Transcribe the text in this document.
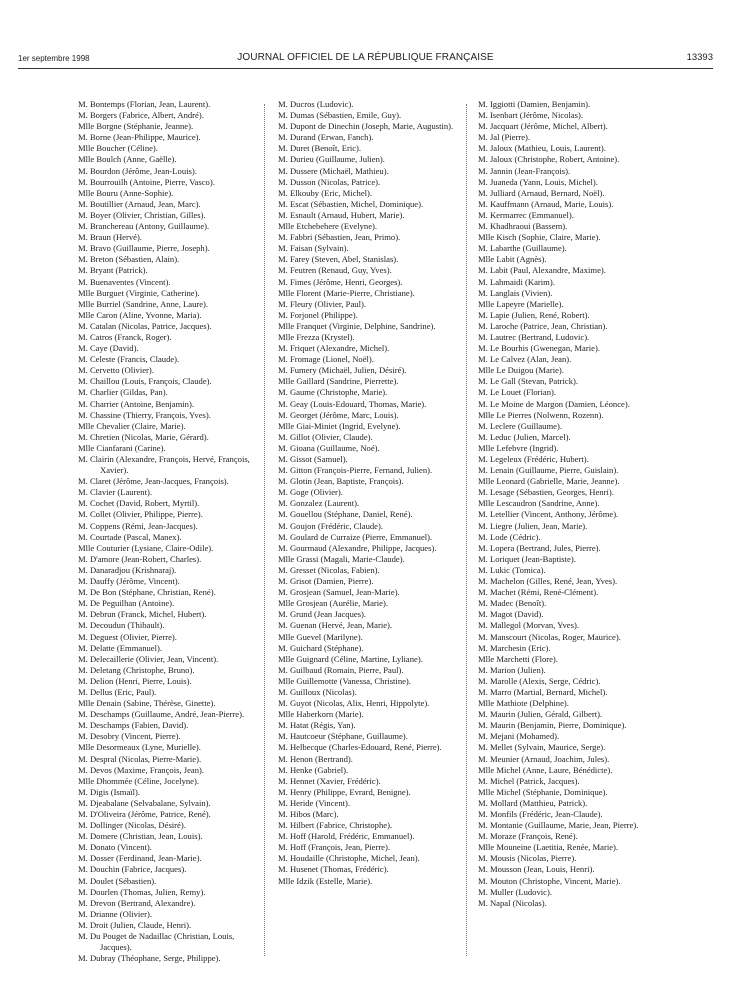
1er septembre 1998	JOURNAL OFFICIEL DE LA RÉPUBLIQUE FRANÇAISE	13393
M. Bontemps (Florian, Jean, Laurent).
M. Borgers (Fabrice, Albert, André).
Mlle Borgne (Stéphanie, Jeanne).
M. Borne (Jean-Philippe, Maurice).
Mlle Boucher (Céline).
Mlle Boulch (Anne, Gaëlle).
M. Bourdon (Jérôme, Jean-Louis).
M. Bourrouilh (Antoine, Pierre, Vasco).
Mlle Bouru (Anne-Sophie).
M. Boutillier (Arnaud, Jean, Marc).
M. Boyer (Olivier, Christian, Gilles).
M. Branchereau (Antony, Guillaume).
M. Braun (Hervé).
M. Bravo (Guillaume, Pierre, Joseph).
M. Breton (Sébastien, Alain).
M. Bryant (Patrick).
M. Buenaventes (Vincent).
Mlle Burguet (Virginie, Catherine).
Mlle Burriel (Sandrine, Anne, Laure).
Mlle Caron (Aline, Yvonne, Maria).
M. Catalan (Nicolas, Patrice, Jacques).
M. Catros (Franck, Roger).
M. Caye (David).
M. Celeste (Francis, Claude).
M. Cervetto (Olivier).
M. Chaillou (Louis, François, Claude).
M. Charlier (Gildas, Pan).
M. Charrier (Antoine, Benjamin).
M. Chassine (Thierry, François, Yves).
Mlle Chevalier (Claire, Marie).
M. Chretien (Nicolas, Marie, Gérard).
Mlle Cianfarani (Carine).
M. Clairin (Alexandre, François, Hervé, François, Xavier).
M. Claret (Jérôme, Jean-Jacques, François).
M. Clavier (Laurent).
M. Cochet (David, Robert, Myrtil).
M. Collet (Olivier, Philippe, Pierre).
M. Coppens (Rémi, Jean-Jacques).
M. Courtade (Pascal, Manex).
Mlle Couturier (Lysiane, Claire-Odile).
M. D'amore (Jean-Robert, Charles).
M. Danaradjou (Krishnaraj).
M. Dauffy (Jérôme, Vincent).
M. De Bon (Stéphane, Christian, René).
M. De Peguilhan (Antoine).
M. Debrun (Franck, Michel, Hubert).
M. Decoudun (Thibault).
M. Deguest (Olivier, Pierre).
M. Delatte (Emmanuel).
M. Delecaillerie (Olivier, Jean, Vincent).
M. Deletang (Christophe, Bruno).
M. Delion (Henri, Pierre, Louis).
M. Dellus (Eric, Paul).
Mlle Denain (Sabine, Thérèse, Ginette).
M. Deschamps (Guillaume, André, Jean-Pierre).
M. Deschamps (Fabien, David).
M. Desobry (Vincent, Pierre).
Mlle Desormeaux (Lyne, Murielle).
M. Despral (Nicolas, Pierre-Marie).
M. Devos (Maxime, François, Jean).
Mlle Dhommée (Céline, Jocelyne).
M. Digis (Ismaïl).
M. Djeabalane (Selvabalane, Sylvain).
M. D'Oliveira (Jérôme, Patrice, René).
M. Dollinger (Nicolas, Désiré).
M. Domere (Christian, Jean, Louis).
M. Donato (Vincent).
M. Dosser (Ferdinand, Jean-Marie).
M. Douchin (Fabrice, Jacques).
M. Doulet (Sébastien).
M. Dourlen (Thomas, Julien, Remy).
M. Drevon (Bertrand, Alexandre).
M. Drianne (Olivier).
M. Droit (Julien, Claude, Henri).
M. Du Pouget de Nadaillac (Christian, Louis, Jacques).
M. Dubray (Théophane, Serge, Philippe).
M. Ducros (Ludovic).
M. Dumas (Sébastien, Emile, Guy).
M. Dupont de Dinechin (Joseph, Marie, Augustin).
M. Durand (Erwan, Fanch).
M. Duret (Benoît, Eric).
M. Durieu (Guillaume, Julien).
M. Dussere (Michaël, Mathieu).
M. Dusson (Nicolas, Patrice).
M. Elkouby (Eric, Michel).
M. Escat (Sébastien, Michel, Dominique).
M. Esnault (Arnaud, Hubert, Marie).
Mlle Etchebehere (Evelyne).
M. Fabbri (Sébastien, Jean, Primo).
M. Faisan (Sylvain).
M. Farey (Steven, Abel, Stanislas).
M. Feutren (Renaud, Guy, Yves).
M. Fimes (Jérôme, Henri, Georges).
Mlle Florent (Marie-Pierre, Christiane).
M. Fleury (Olivier, Paul).
M. Forjonel (Philippe).
Mlle Franquet (Virginie, Delphine, Sandrine).
Mlle Frezza (Krystel).
M. Friquet (Alexandre, Michel).
M. Fromage (Lionel, Noël).
M. Fumery (Michaël, Julien, Désiré).
Mlle Gaillard (Sandrine, Pierrette).
M. Gaume (Christophe, Marie).
M. Geay (Louis-Edouard, Thomas, Marie).
M. Georget (Jérôme, Marc, Louis).
Mlle Giai-Miniet (Ingrid, Evelyne).
M. Gillot (Olivier, Claude).
M. Gioana (Guillaume, Noé).
M. Gissot (Samuel).
M. Gitton (François-Pierre, Fernand, Julien).
M. Glotin (Jean, Baptiste, François).
M. Goge (Olivier).
M. Gonzalez (Laurent).
M. Gouellou (Stéphane, Daniel, René).
M. Goujon (Frédéric, Claude).
M. Goulard de Curraize (Pierre, Emmanuel).
M. Gourmaud (Alexandre, Philippe, Jacques).
Mlle Grassi (Magali, Marie-Claude).
M. Gresset (Nicolas, Fabien).
M. Grisot (Damien, Pierre).
M. Grosjean (Samuel, Jean-Marie).
Mlle Grosjean (Aurélie, Marie).
M. Grund (Jean Jacques).
M. Guenan (Hervé, Jean, Marie).
Mlle Guevel (Marilyne).
M. Guichard (Stéphane).
Mlle Guignard (Céline, Martine, Lyliane).
M. Guilbaud (Romain, Pierre, Paul).
Mlle Guillemotte (Vanessa, Christine).
M. Guilloux (Nicolas).
M. Guyot (Nicolas, Alix, Henri, Hippolyte).
Mlle Haberkorn (Marie).
M. Hatat (Régis, Yan).
M. Hautcoeur (Stéphane, Guillaume).
M. Helbecque (Charles-Edouard, René, Pierre).
M. Henon (Bertrand).
M. Henke (Gabriel).
M. Hennet (Xavier, Frédéric).
M. Henry (Philippe, Evrard, Benigne).
M. Heride (Vincent).
M. Hibos (Marc).
M. Hilbert (Fabrice, Christophe).
M. Hoff (Harold, Frédéric, Emmanuel).
M. Hoff (François, Jean, Pierre).
M. Houdaille (Christophe, Michel, Jean).
M. Husenet (Thomas, Frédéric).
Mlle Idzik (Estelle, Marie).
M. Iggiotti (Damien, Benjamin).
M. Isenbart (Jérôme, Nicolas).
M. Jacquart (Jérôme, Michel, Albert).
M. Jal (Pierre).
M. Jaloux (Mathieu, Louis, Laurent).
M. Jaloux (Christophe, Robert, Antoine).
M. Jannin (Jean-François).
M. Juaneda (Yann, Louis, Michel).
M. Julliard (Arnaud, Bernard, Noël).
M. Kauffmann (Arnaud, Marie, Louis).
M. Kermarrec (Emmanuel).
M. Khadhraoui (Bassem).
Mlle Kisch (Sophie, Claire, Marie).
M. Labarthe (Guillaume).
Mlle Labit (Agnès).
M. Labit (Paul, Alexandre, Maxime).
M. Lahmaidi (Karim).
M. Langlais (Vivien).
Mlle Lapeyre (Marielle).
M. Lapie (Julien, René, Robert).
M. Laroche (Patrice, Jean, Christian).
M. Lautrec (Bertrand, Ludovic).
M. Le Bourhis (Gwenegan, Marie).
M. Le Calvez (Alan, Jean).
Mlle Le Duigou (Marie).
M. Le Gall (Stevan, Patrick).
M. Le Louet (Florian).
M. Le Moine de Margon (Damien, Léonce).
Mlle Le Pierres (Nolwenn, Rozenn).
M. Leclere (Guillaume).
M. Leduc (Julien, Marcel).
Mlle Lefebvre (Ingrid).
M. Legeleux (Frédéric, Hubert).
M. Lenain (Guillaume, Pierre, Guislain).
Mlle Leonard (Gabrielle, Marie, Jeanne).
M. Lesage (Sébastien, Georges, Henri).
Mlle Lescaudron (Sandrine, Anne).
M. Letellier (Vincent, Anthony, Jérôme).
M. Liegre (Julien, Jean, Marie).
M. Lode (Cédric).
M. Lopera (Bertrand, Jules, Pierre).
M. Loriquet (Jean-Baptiste).
M. Lukic (Tomica).
M. Machelon (Gilles, René, Jean, Yves).
M. Machet (Rémi, René-Clément).
M. Madec (Benoît).
M. Magot (David).
M. Mallegol (Morvan, Yves).
M. Manscourt (Nicolas, Roger, Maurice).
M. Marchesin (Eric).
Mlle Marchetti (Flore).
M. Marion (Julien).
M. Marolle (Alexis, Serge, Cédric).
M. Marro (Martial, Bernard, Michel).
Mlle Mathiote (Delphine).
M. Maurin (Julien, Gérald, Gilbert).
M. Maurin (Benjamin, Pierre, Dominique).
M. Mejani (Mohamed).
M. Mellet (Sylvain, Maurice, Serge).
M. Meunier (Arnaud, Joachim, Jules).
Mlle Michel (Anne, Laure, Bénédicte).
M. Michel (Patrick, Jacques).
Mlle Michel (Stéphanie, Dominique).
M. Mollard (Matthieu, Patrick).
M. Monfils (Frédéric, Jean-Claude).
M. Montanie (Guillaume, Marie, Jean, Pierre).
M. Moraze (François, René).
Mlle Mouneine (Laetitia, Renée, Marie).
M. Mousis (Nicolas, Pierre).
M. Mousson (Jean, Louis, Henri).
M. Mouton (Christophe, Vincent, Marie).
M. Muller (Ludovic).
M. Napal (Nicolas).
